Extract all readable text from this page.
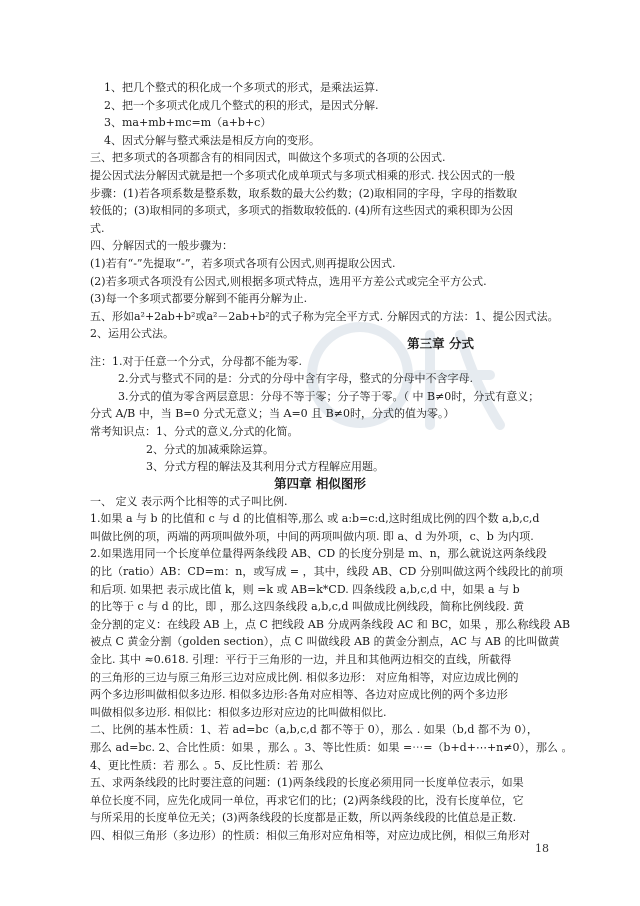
1、把几个整式的积化成一个多项式的形式，是乘法运算.
2、把一个多项式化成几个整式的积的形式，是因式分解.
3、ma+mb+mc=m（a+b+c）
4、因式分解与整式乘法是相反方向的变形。
三、把多项式的各项都含有的相同因式，叫做这个多项式的各项的公因式.
提公因式法分解因式就是把一个多项式化成单项式与多项式相乘的形式. 找公因式的一般
步骤：(1)若各项系数是整系数，取系数的最大公约数；(2)取相同的字母，字母的指数取
较低的；(3)取相同的多项式，多项式的指数取较低的. (4)所有这些因式的乘积即为公因
式.
四、分解因式的一般步骤为：
(1)若有“-”先提取“-”，若多项式各项有公因式,则再提取公因式.
(2)若多项式各项没有公因式,则根据多项式特点，选用平方差公式或完全平方公式.
(3)每一个多项式都要分解到不能再分解为止.
五、形如a²+2ab+b²或a²－2ab+b²的式子称为完全平方式. 分解因式的方法：1、提公因式法。
2、运用公式法。
第三章 分式
注：1.对于任意一个分式，分母都不能为零.
2.分式与整式不同的是：分式的分母中含有字母，整式的分母中不含字母.
3.分式的值为零含两层意思：分母不等于零；分子等于零。（ 中 B≠0时，分式有意义；
分式 A/B 中，当 B=0 分式无意义；当 A=0 且 B≠0时，分式的值为零。）
常考知识点：1、分式的意义,分式的化简。
2、分式的加减乘除运算。
3、分式方程的解法及其利用分式方程解应用题。
第四章 相似图形
一、 定义 表示两个比相等的式子叫比例.
1.如果 a 与 b 的比值和 c 与 d 的比值相等,那么 或 a:b=c:d,这时组成比例的四个数 a,b,c,d
叫做比例的项，两端的两项叫做外项，中间的两项叫做内项. 即 a、d 为外项，c、b 为内项.
2.如果选用同一个长度单位量得两条线段 AB、CD 的长度分别是 m、n，那么就说这两条线段
的比（ratio）AB：CD=m：n，或写成 = ，其中，线段 AB、CD 分别叫做这两个线段比的前项
和后项. 如果把 表示成比值 k，则 =k 或 AB=k*CD. 四条线段 a,b,c,d 中，如果 a 与 b
的比等于 c 与 d 的比，即 ，那么这四条线段 a,b,c,d 叫做成比例线段，简称比例线段. 黄
金分割的定义：在线段 AB 上，点 C 把线段 AB 分成两条线段 AC 和 BC，如果 ，那么称线段 AB
被点 C 黄金分割（golden section），点 C 叫做线段 AB 的黄金分割点，AC 与 AB 的比叫做黄
金比. 其中 ≈0.618. 引理：平行于三角形的一边，并且和其他两边相交的直线，所截得
的三角形的三边与原三角形三边对应成比例. 相似多边形： 对应角相等，对应边成比例的
两个多边形叫做相似多边形. 相似多边形:各角对应相等、各边对应成比例的两个多边形
叫做相似多边形. 相似比：相似多边形对应边的比叫做相似比.
二、比例的基本性质：1、若 ad=bc（a,b,c,d 都不等于 0），那么 . 如果（b,d 都不为 0），
那么 ad=bc. 2、合比性质：如果 ，那么 。3、等比性质：如果 =⋯=（b+d+⋯+n≠0），那么 。
4、更比性质：若 那么 。5、反比性质：若 那么
五、求两条线段的比时要注意的问题：(1)两条线段的长度必须用同一长度单位表示，如果
单位长度不同，应先化成同一单位，再求它们的比；(2)两条线段的比，没有长度单位，它
与所采用的长度单位无关；(3)两条线段的长度都是正数，所以两条线段的比值总是正数.
四、相似三角形（多边形）的性质：相似三角形对应角相等，对应边成比例，相似三角形对
18
